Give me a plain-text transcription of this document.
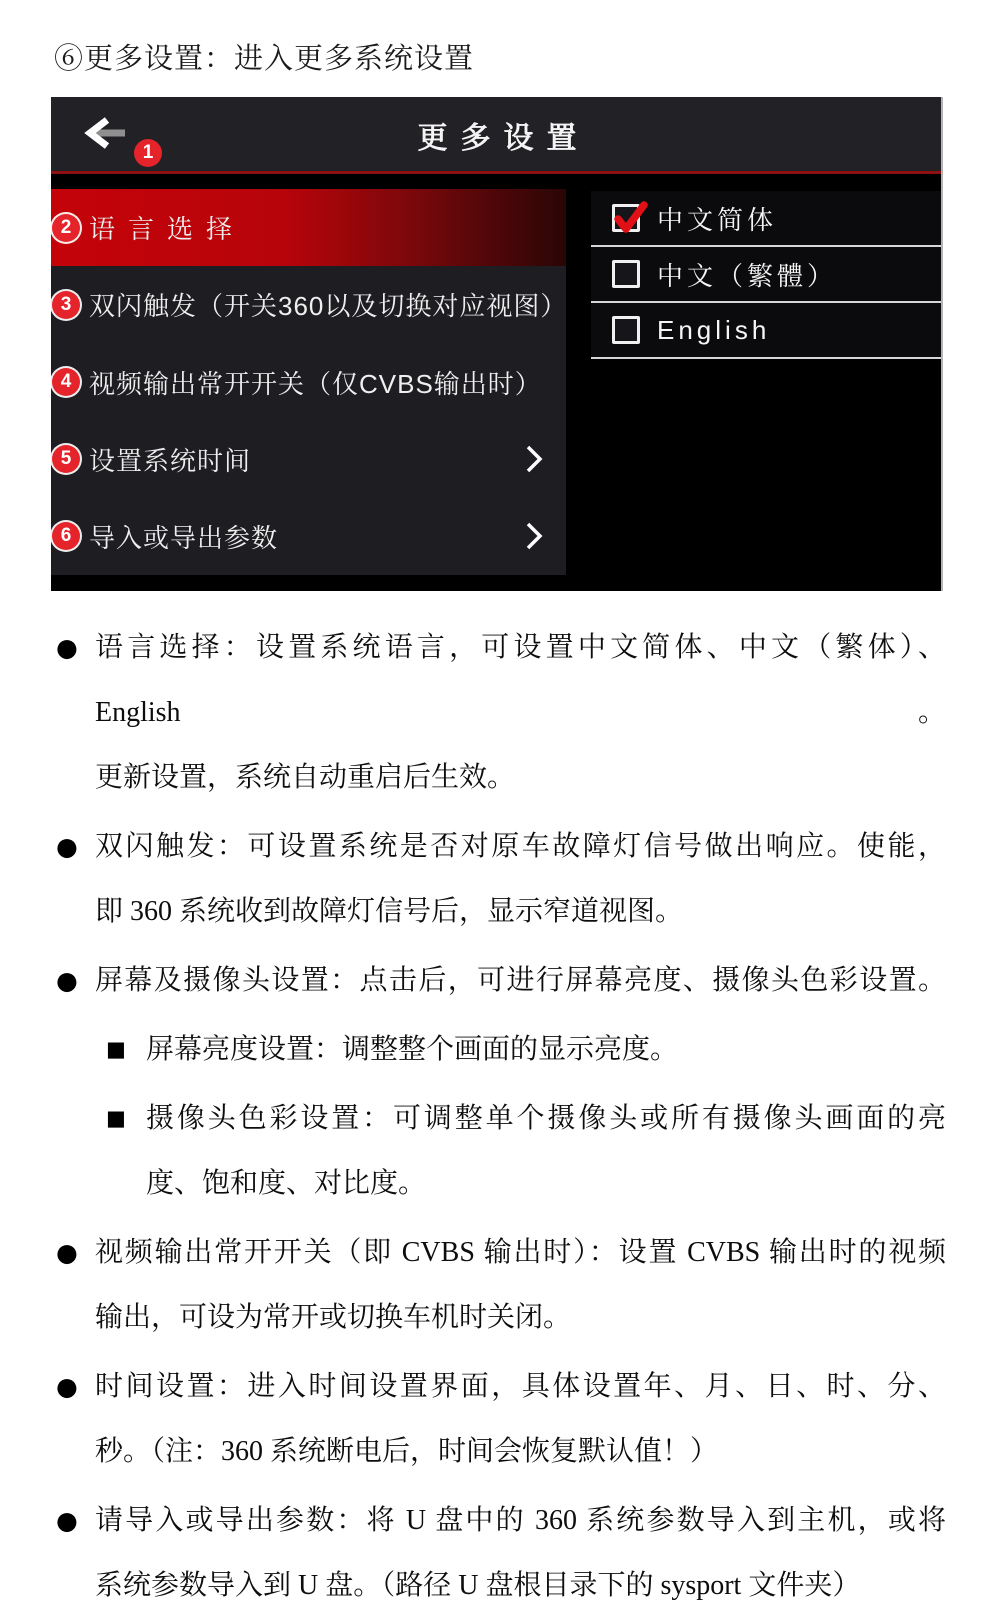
⑥更多设置：进入更多系统设置
更多设置
1
2 语言选择
3 双闪触发（开关360以及切换对应视图）
4 视频输出常开开关（仅CVBS输出时）
5 设置系统时间
6 导入或导出参数
中文简体
中文（繁體）
English
● 语言选择：设置系统语言，可设置中文简体、中文（繁体）、English。
更新设置，系统自动重启后生效。
● 双闪触发：可设置系统是否对原车故障灯信号做出响应。使能，
即 360 系统收到故障灯信号后，显示窄道视图。
● 屏幕及摄像头设置：点击后，可进行屏幕亮度、摄像头色彩设置。
■ 屏幕亮度设置：调整整个画面的显示亮度。
■ 摄像头色彩设置：可调整单个摄像头或所有摄像头画面的亮
度、饱和度、对比度。
● 视频输出常开开关（即 CVBS 输出时）：设置 CVBS 输出时的视频
输出，可设为常开或切换车机时关闭。
● 时间设置：进入时间设置界面，具体设置年、月、日、时、分、
秒。（注：360 系统断电后，时间会恢复默认值！）
● 请导入或导出参数：将 U 盘中的 360 系统参数导入到主机，或将
系统参数导入到 U 盘。（路径 U 盘根目录下的 sysport 文件夹）
